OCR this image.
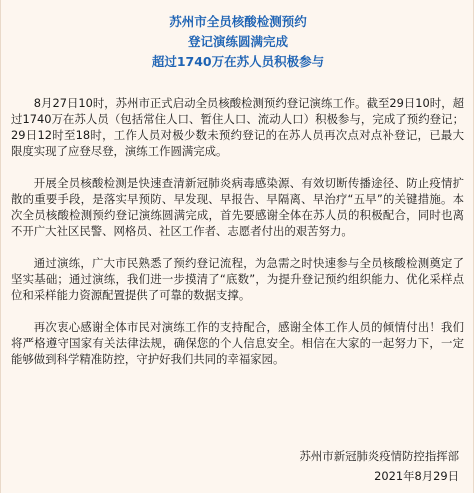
苏州市全员核酸检测预约
登记演练圆满完成
超过1740万在苏人员积极参与

8月27日10时，苏州市正式启动全员核酸检测预约登记演练工作。截至29日10时，超过1740万在苏人员（包括常住人口、暂住人口、流动人口）积极参与，完成了预约登记；29日12时至18时，工作人员对极少数未预约登记的在苏人员再次点对点补登记，已最大限度实现了应登尽登，演练工作圆满完成。

开展全员核酸检测是快速查清新冠肺炎病毒感染源、有效切断传播途径、防止疫情扩散的重要手段，是落实早预防、早发现、早报告、早隔离、早治疗“五早”的关键措施。本次全员核酸检测预约登记演练圆满完成，首先要感谢全体在苏人员的积极配合，同时也离不开广大社区民警、网格员、社区工作者、志愿者付出的艰苦努力。

通过演练，广大市民熟悉了预约登记流程，为急需之时快速参与全员核酸检测奠定了坚实基础；通过演练，我们进一步摸清了“底数”，为提升登记预约组织能力、优化采样点位和采样能力资源配置提供了可靠的数据支撑。

再次衷心感谢全体市民对演练工作的支持配合，感谢全体工作人员的倾情付出！我们将严格遵守国家有关法律法规，确保您的个人信息安全。相信在大家的一起努力下，一定能够做到科学精准防控，守护好我们共同的幸福家园。

苏州市新冠肺炎疫情防控指挥部
2021年8月29日
